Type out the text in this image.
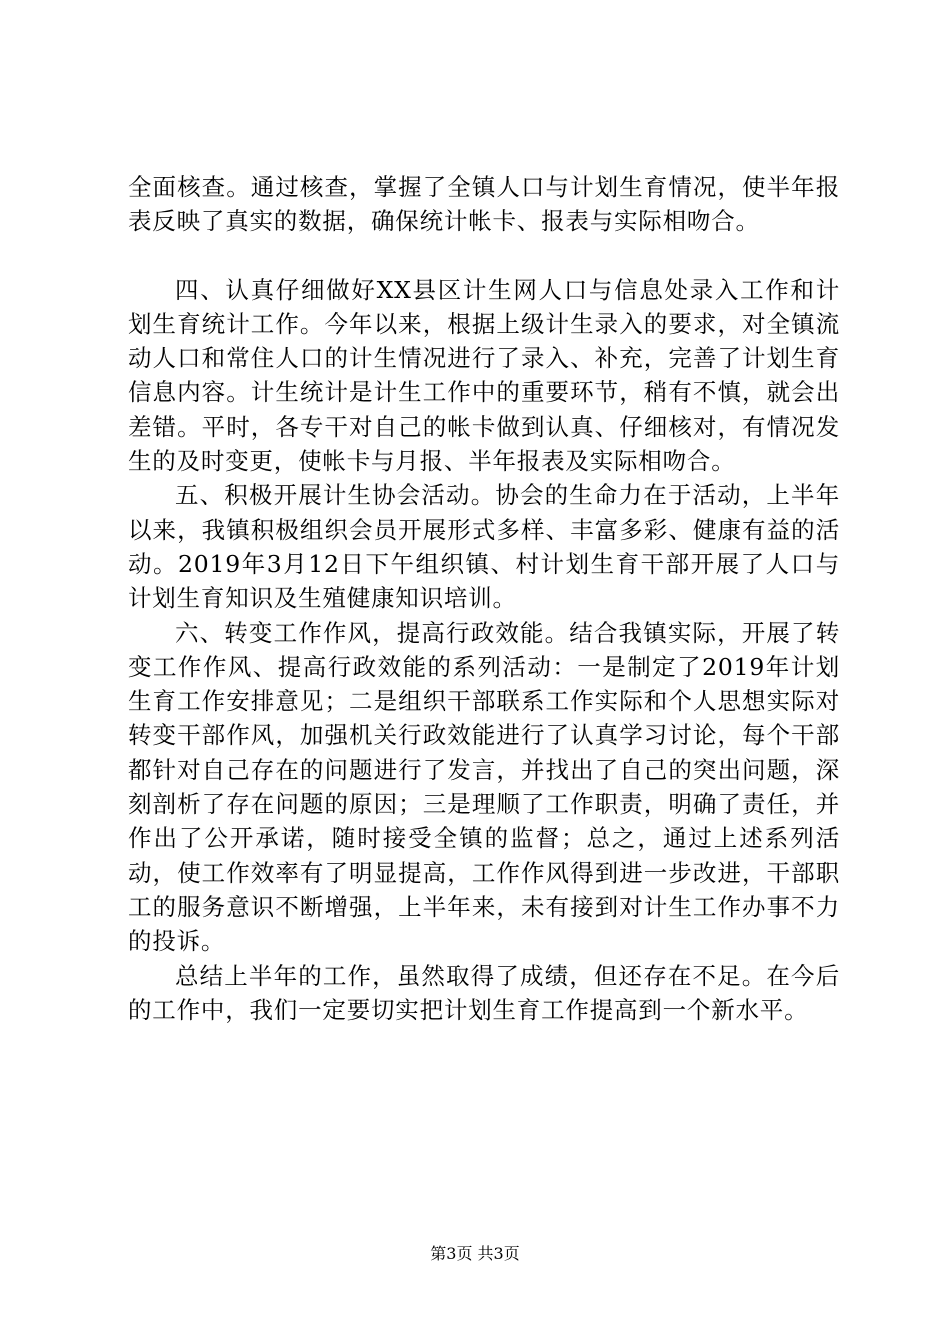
全面核查。通过核查，掌握了全镇人口与计划生育情况，使半年报表反映了真实的数据，确保统计帐卡、报表与实际相吻合。

四、认真仔细做好XX县区计生网人口与信息处录入工作和计划生育统计工作。今年以来，根据上级计生录入的要求，对全镇流动人口和常住人口的计生情况进行了录入、补充，完善了计划生育信息内容。计生统计是计生工作中的重要环节，稍有不慎，就会出差错。平时，各专干对自己的帐卡做到认真、仔细核对，有情况发生的及时变更，使帐卡与月报、半年报表及实际相吻合。

五、积极开展计生协会活动。协会的生命力在于活动，上半年以来，我镇积极组织会员开展形式多样、丰富多彩、健康有益的活动。2019年3月12日下午组织镇、村计划生育干部开展了人口与计划生育知识及生殖健康知识培训。

六、转变工作作风，提高行政效能。结合我镇实际，开展了转变工作作风、提高行政效能的系列活动：一是制定了2019年计划生育工作安排意见；二是组织干部联系工作实际和个人思想实际对转变干部作风，加强机关行政效能进行了认真学习讨论，每个干部都针对自己存在的问题进行了发言，并找出了自己的突出问题，深刻剖析了存在问题的原因；三是理顺了工作职责，明确了责任，并作出了公开承诺，随时接受全镇的监督；总之，通过上述系列活动，使工作效率有了明显提高，工作作风得到进一步改进，干部职工的服务意识不断增强，上半年来，未有接到对计生工作办事不力的投诉。

总结上半年的工作，虽然取得了成绩，但还存在不足。在今后的工作中，我们一定要切实把计划生育工作提高到一个新水平。

第3页 共3页
